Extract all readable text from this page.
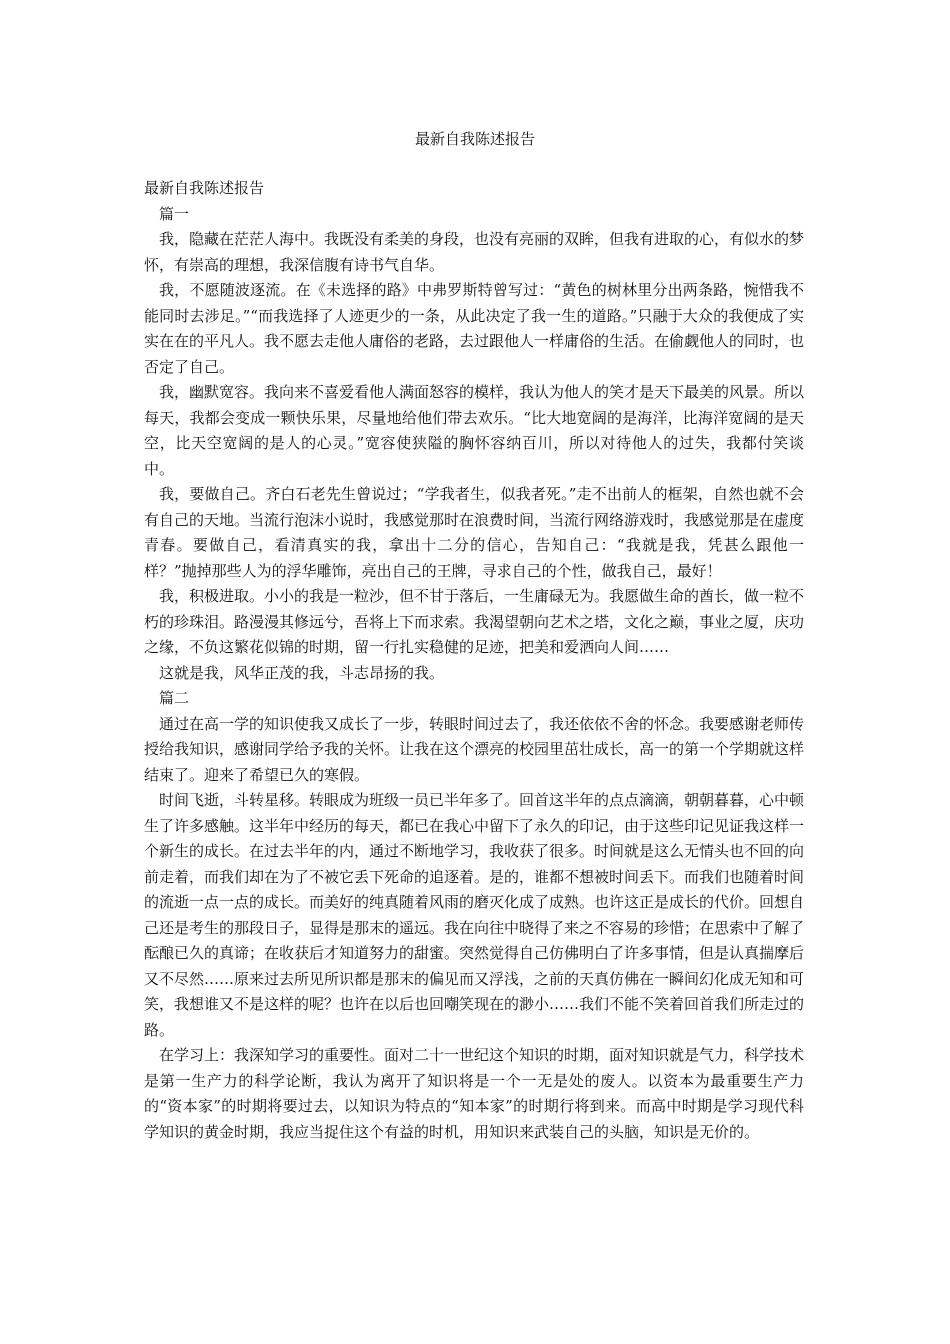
最新自我陈述报告

最新自我陈述报告

篇一

我，隐藏在茫茫人海中。我既没有柔美的身段，也没有亮丽的双眸，但我有进取的心，有似水的梦怀，有崇高的理想，我深信腹有诗书气自华。

我，不愿随波逐流。在《未选择的路》中弗罗斯特曾写过：“黄色的树林里分出两条路，惋惜我不能同时去涉足。”“而我选择了人迹更少的一条，从此决定了我一生的道路。”只融于大众的我便成了实实在在的平凡人。我不愿去走他人庸俗的老路，去过跟他人一样庸俗的生活。在偷觑他人的同时，也否定了自己。

我，幽默宽容。我向来不喜爱看他人满面怒容的模样，我认为他人的笑才是天下最美的风景。所以每天，我都会变成一颗快乐果，尽量地给他们带去欢乐。“比大地宽阔的是海洋，比海洋宽阔的是天空，比天空宽阔的是人的心灵。”宽容使狭隘的胸怀容纳百川，所以对待他人的过失，我都付笑谈中。

我，要做自己。齐白石老先生曾说过；“学我者生，似我者死。”走不出前人的框架，自然也就不会有自己的天地。当流行泡沫小说时，我感觉那时在浪费时间，当流行网络游戏时，我感觉那是在虚度青春。要做自己，看清真实的我，拿出十二分的信心，告知自己：“我就是我，凭甚么跟他一样？”抛掉那些人为的浮华雕饰，亮出自己的王牌，寻求自己的个性，做我自己，最好！

我，积极进取。小小的我是一粒沙，但不甘于落后，一生庸碌无为。我愿做生命的酋长，做一粒不朽的珍珠泪。路漫漫其修远兮，吾将上下而求索。我渴望朝向艺术之塔，文化之巅，事业之厦，庆功之缘，不负这繁花似锦的时期，留一行扎实稳健的足迹，把美和爱洒向人间……

这就是我，风华正茂的我，斗志昂扬的我。

篇二

通过在高一学的知识使我又成长了一步，转眼时间过去了，我还依依不舍的怀念。我要感谢老师传授给我知识，感谢同学给予我的关怀。让我在这个漂亮的校园里茁壮成长，高一的第一个学期就这样结束了。迎来了希望已久的寒假。

时间飞逝，斗转星移。转眼成为班级一员已半年多了。回首这半年的点点滴滴，朝朝暮暮，心中顿生了许多感触。这半年中经历的每天，都已在我心中留下了永久的印记，由于这些印记见证我这样一个新生的成长。在过去半年的内，通过不断地学习，我收获了很多。时间就是这么无情头也不回的向前走着，而我们却在为了不被它丢下死命的追逐着。是的，谁都不想被时间丢下。而我们也随着时间的流逝一点一点的成长。而美好的纯真随着风雨的磨灭化成了成熟。也许这正是成长的代价。回想自己还是考生的那段日子，显得是那末的遥远。我在向往中晓得了来之不容易的珍惜；在思索中了解了酝酿已久的真谛；在收获后才知道努力的甜蜜。突然觉得自己仿佛明白了许多事情，但是认真揣摩后又不尽然……原来过去所见所识都是那末的偏见而又浮浅，之前的天真仿佛在一瞬间幻化成无知和可笑，我想谁又不是这样的呢？也许在以后也回嘲笑现在的渺小……我们不能不笑着回首我们所走过的路。

在学习上：我深知学习的重要性。面对二十一世纪这个知识的时期，面对知识就是气力，科学技术是第一生产力的科学论断，我认为离开了知识将是一个一无是处的废人。以资本为最重要生产力的“资本家”的时期将要过去，以知识为特点的“知本家”的时期行将到来。而高中时期是学习现代科学知识的黄金时期，我应当捉住这个有益的时机，用知识来武装自己的头脑，知识是无价的。
